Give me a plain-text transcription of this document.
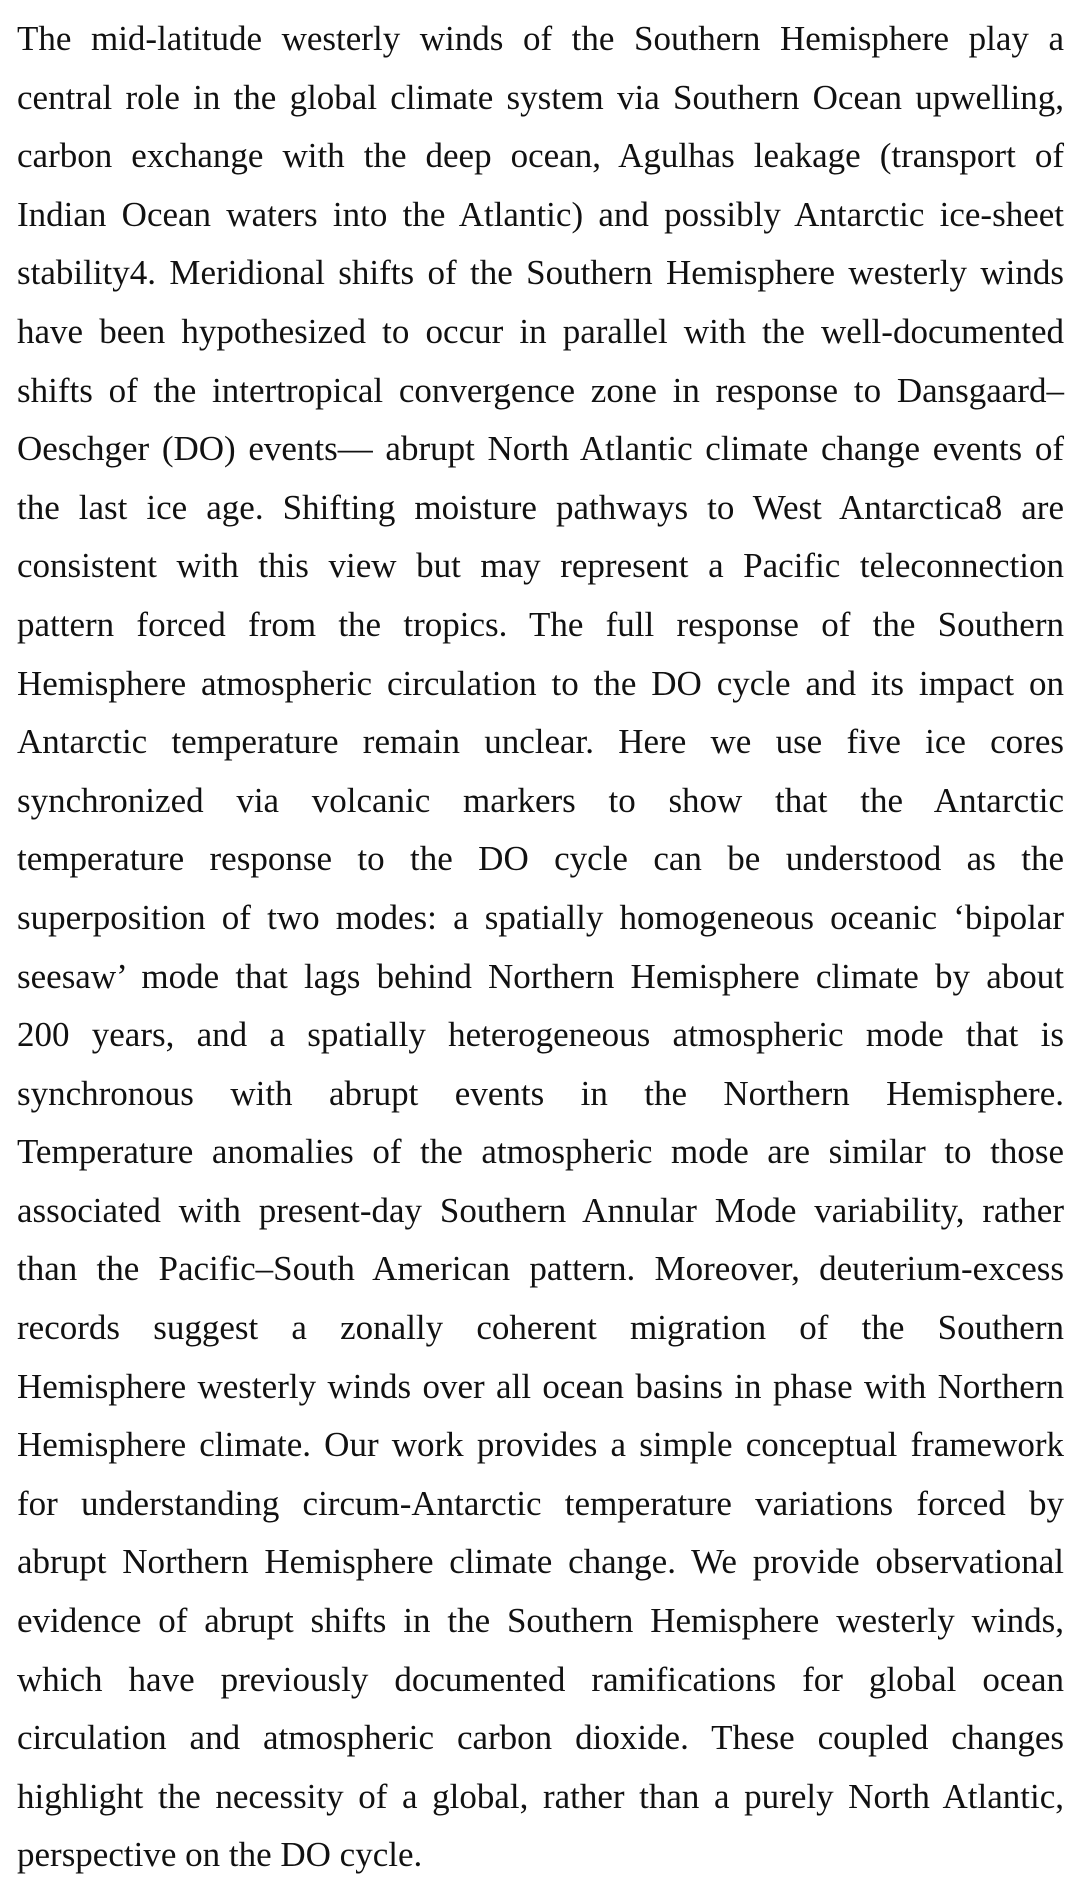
The mid-latitude westerly winds of the Southern Hemisphere play a
central role in the global climate system via Southern Ocean upwelling,
carbon exchange with the deep ocean, Agulhas leakage (transport of
Indian Ocean waters into the Atlantic) and possibly Antarctic ice-sheet
stability4. Meridional shifts of the Southern Hemisphere westerly winds
have been hypothesized to occur in parallel with the well-documented
shifts of the intertropical convergence zone in response to Dansgaard–
Oeschger (DO) events— abrupt North Atlantic climate change events of
the last ice age. Shifting moisture pathways to West Antarctica8 are
consistent with this view but may represent a Pacific teleconnection
pattern forced from the tropics. The full response of the Southern
Hemisphere atmospheric circulation to the DO cycle and its impact on
Antarctic temperature remain unclear. Here we use five ice cores
synchronized via volcanic markers to show that the Antarctic
temperature response to the DO cycle can be understood as the
superposition of two modes: a spatially homogeneous oceanic ‘bipolar
seesaw’ mode that lags behind Northern Hemisphere climate by about
200 years, and a spatially heterogeneous atmospheric mode that is
synchronous with abrupt events in the Northern Hemisphere.
Temperature anomalies of the atmospheric mode are similar to those
associated with present-day Southern Annular Mode variability, rather
than the Pacific–South American pattern. Moreover, deuterium-excess
records suggest a zonally coherent migration of the Southern
Hemisphere westerly winds over all ocean basins in phase with Northern
Hemisphere climate. Our work provides a simple conceptual framework
for understanding circum-Antarctic temperature variations forced by
abrupt Northern Hemisphere climate change. We provide observational
evidence of abrupt shifts in the Southern Hemisphere westerly winds,
which have previously documented ramifications for global ocean
circulation and atmospheric carbon dioxide. These coupled changes
highlight the necessity of a global, rather than a purely North Atlantic,
perspective on the DO cycle.
